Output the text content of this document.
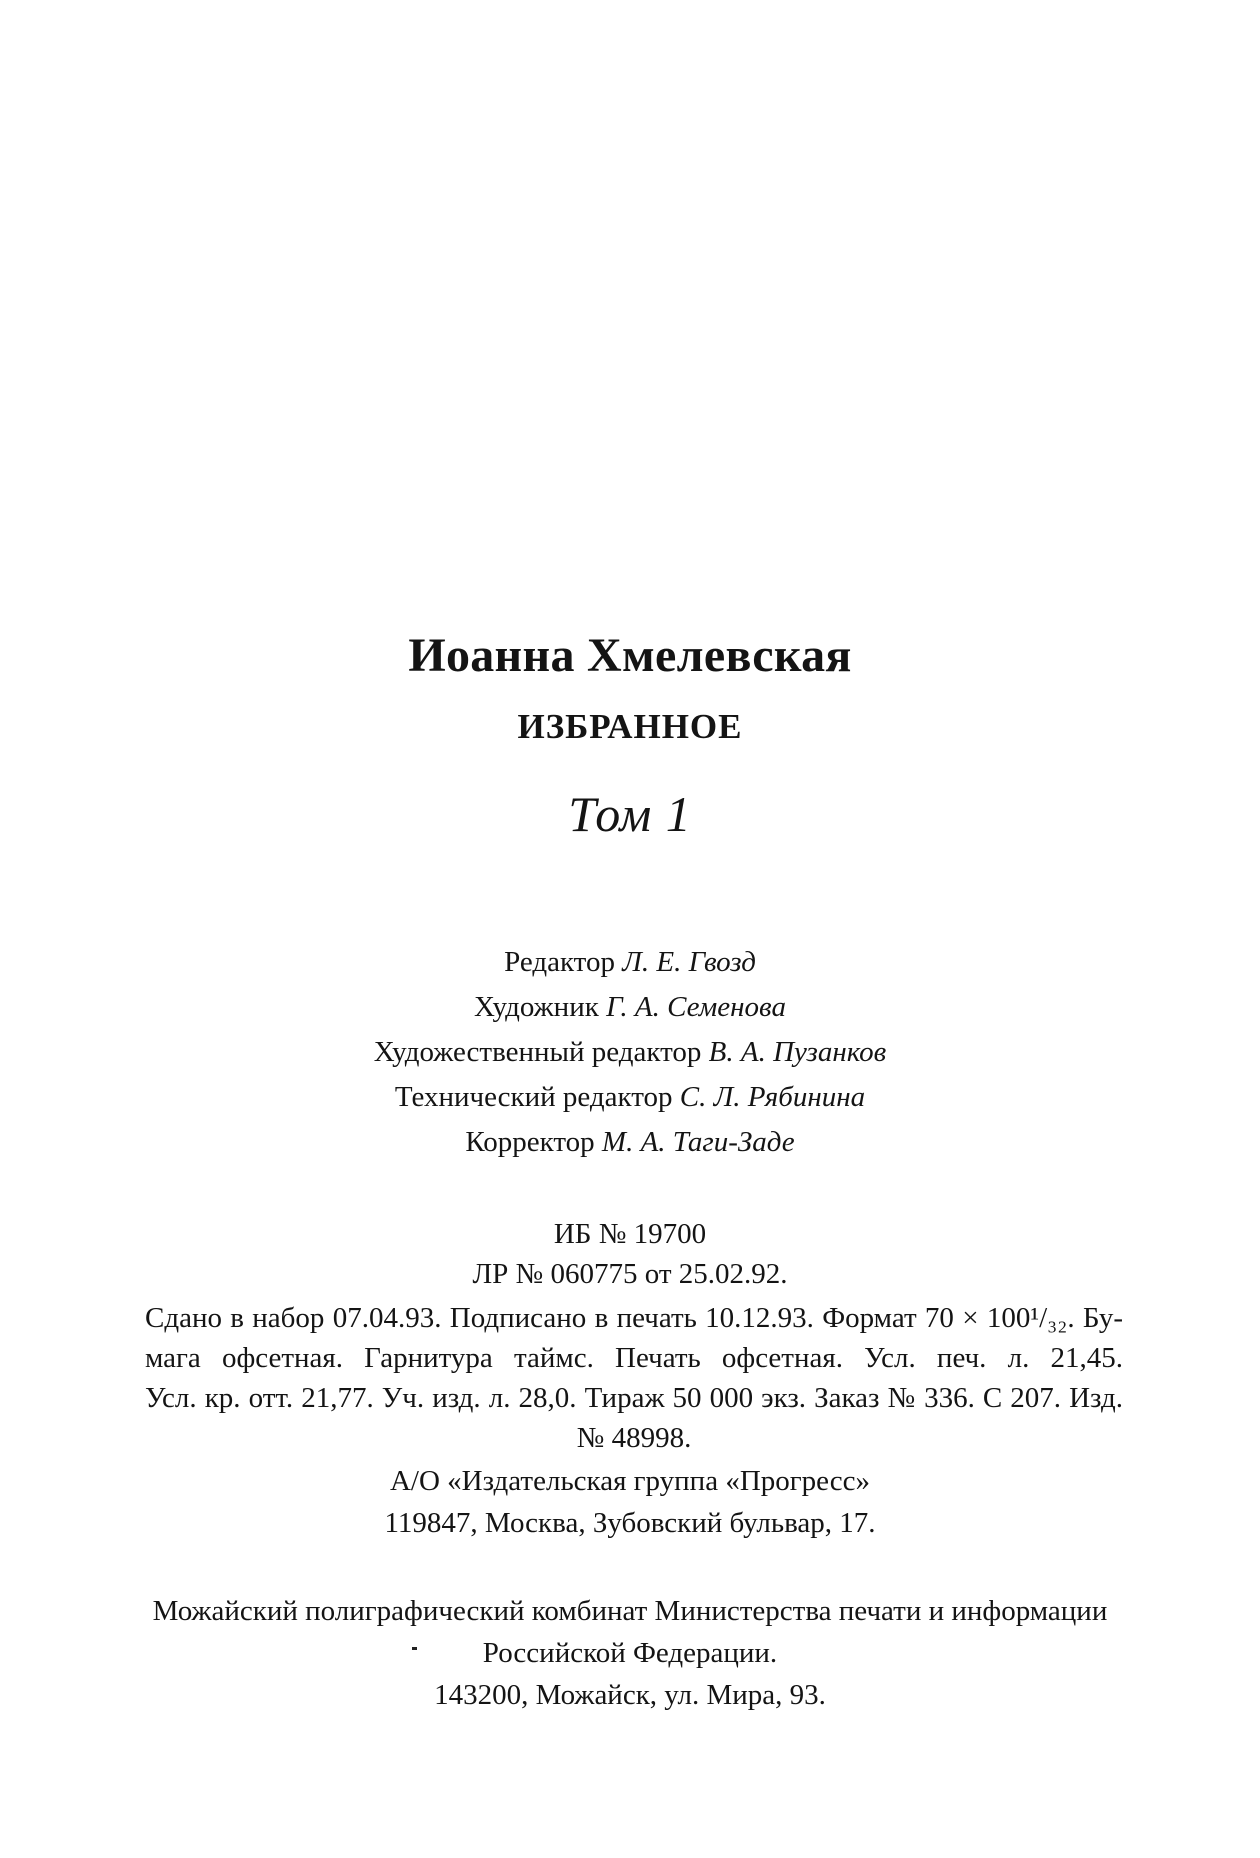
Иоанна Хмелевская
ИЗБРАННОЕ
Том 1
Редактор Л. Е. Гвозд
Художник Г. А. Семенова
Художественный редактор В. А. Пузанков
Технический редактор С. Л. Рябинина
Корректор М. А. Таги-Заде
ИБ № 19700
ЛР № 060775 от 25.02.92.
Сдано в набор 07.04.93. Подписано в печать 10.12.93. Формат 70 × 100¹/₃₂. Бу-
мага офсетная. Гарнитура таймс. Печать офсетная. Усл. печ. л. 21,45.
Усл. кр. отт. 21,77. Уч. изд. л. 28,0. Тираж 50 000 экз. Заказ № 336. С 207. Изд.
№ 48998.
А/О «Издательская группа «Прогресс»
119847, Москва, Зубовский бульвар, 17.
Можайский полиграфический комбинат Министерства печати и информации
Российской Федерации.
143200, Можайск, ул. Мира, 93.
